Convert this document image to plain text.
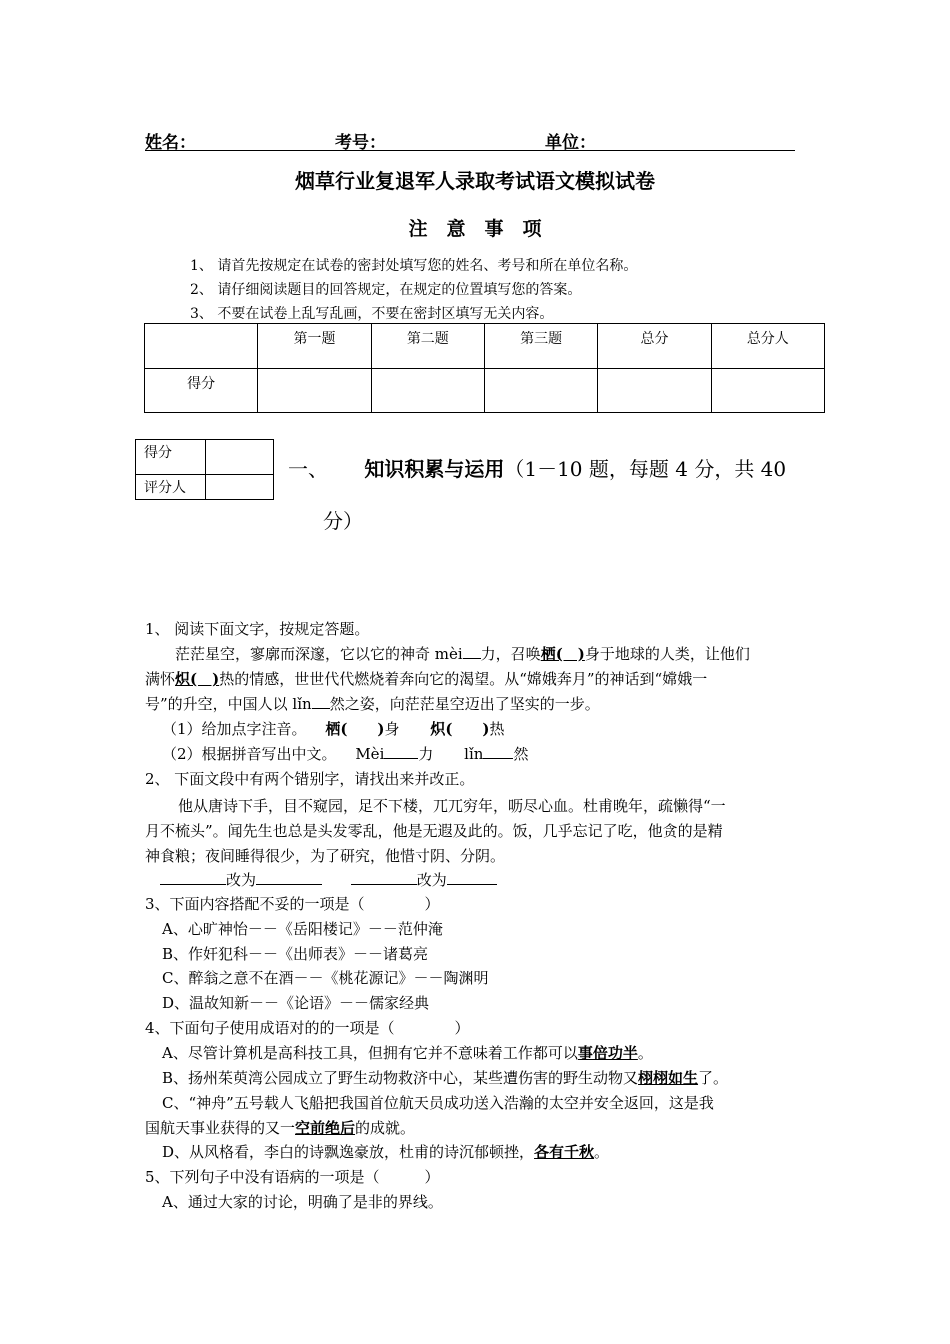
姓名：	考号：	单位：
烟草行业复退军人录取考试语文模拟试卷
注　意　事　项
1、 请首先按规定在试卷的密封处填写您的姓名、考号和所在单位名称。
2、 请仔细阅读题目的回答规定，在规定的位置填写您的答案。
3、 不要在试卷上乱写乱画，不要在密封区填写无关内容。
	第一题	第二题	第三题	总分	总分人
得分					
得分	
评分人	
一、 知识积累与运用（1－10 题，每题 4 分，共 40
分）
1、 阅读下面文字，按规定答题。
茫茫星空，寥廓而深邃，它以它的神奇 mèi 力，召唤栖(　)身于地球的人类，让他们
满怀炽(　)热的情感，世世代代燃烧着奔向它的渴望。从“嫦娥奔月”的神话到“嫦娥一
号”的升空，中国人以 lǐn 然之姿，向茫茫星空迈出了坚实的一步。
（1）给加点字注音。 栖(　　)身 炽(　　)热
（2）根据拼音写出中文。 Mèi 力 lǐn 然
2、 下面文段中有两个错别字，请找出来并改正。
他从唐诗下手，目不窥园，足不下楼，兀兀穷年，呖尽心血。杜甫晚年，疏懒得“一
月不梳头”。闻先生也总是头发零乱，他是无遐及此的。饭，几乎忘记了吃，他贪的是精
神食粮；夜间睡得很少，为了研究，他惜寸阴、分阴。
改为	改为
3、下面内容搭配不妥的一项是（　　　　）
A、心旷神怡－－《岳阳楼记》－－范仲淹
B、作奸犯科－－《出师表》－－诸葛亮
C、醉翁之意不在酒－－《桃花源记》－－陶渊明
D、温故知新－－《论语》－－儒家经典
4、下面句子使用成语对的的一项是（　　　　）
A、尽管计算机是高科技工具，但拥有它并不意味着工作都可以事倍功半。
B、扬州茱萸湾公园成立了野生动物救济中心，某些遭伤害的野生动物又栩栩如生了。
C、“神舟”五号载人飞船把我国首位航天员成功送入浩瀚的太空并安全返回，这是我
国航天事业获得的又一空前绝后的成就。
D、从风格看，李白的诗飘逸豪放，杜甫的诗沉郁顿挫，各有千秋。
5、下列句子中没有语病的一项是（　　　）
A、通过大家的讨论，明确了是非的界线。
